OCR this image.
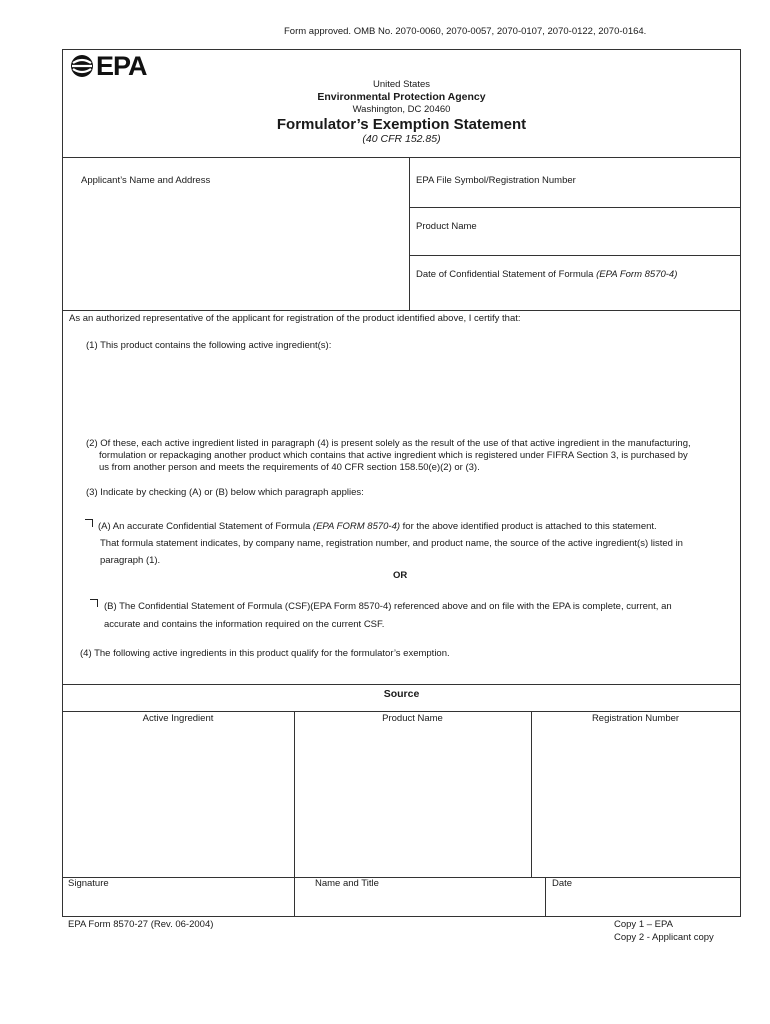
Form approved. OMB No. 2070-0060, 2070-0057, 2070-0107, 2070-0122, 2070-0164.
EPA
United States
Environmental Protection Agency
Washington, DC 20460
Formulator’s Exemption Statement
(40 CFR 152.85)
Applicant’s Name and Address	EPA File Symbol/Registration Number
Product Name
Date of Confidential Statement of Formula (EPA Form 8570-4)
As an authorized representative of the applicant for registration of the product identified above, I certify that:
(1) This product contains the following active ingredient(s):
(2) Of these, each active ingredient listed in paragraph (4) is present solely as the result of the use of that active ingredient in the manufacturing,
formulation or repackaging another product which contains that active ingredient which is registered under FIFRA Section 3, is purchased by
us from another person and meets the requirements of 40 CFR section 158.50(e)(2) or (3).
(3) Indicate by checking (A) or (B) below which paragraph applies:
(A) An accurate Confidential Statement of Formula (EPA FORM 8570-4) for the above identified product is attached to this statement.
That formula statement indicates, by company name, registration number, and product name, the source of the active ingredient(s) listed in
paragraph (1).
OR
(B) The Confidential Statement of Formula (CSF)(EPA Form 8570-4) referenced above and on file with the EPA is complete, current, an
accurate and contains the information required on the current CSF.
(4) The following active ingredients in this product qualify for the formulator’s exemption.
Source
Active Ingredient	Product Name	Registration Number
Signature	Name and Title	Date
EPA Form 8570-27 (Rev. 06-2004)	Copy 1 – EPA
Copy 2 - Applicant copy
